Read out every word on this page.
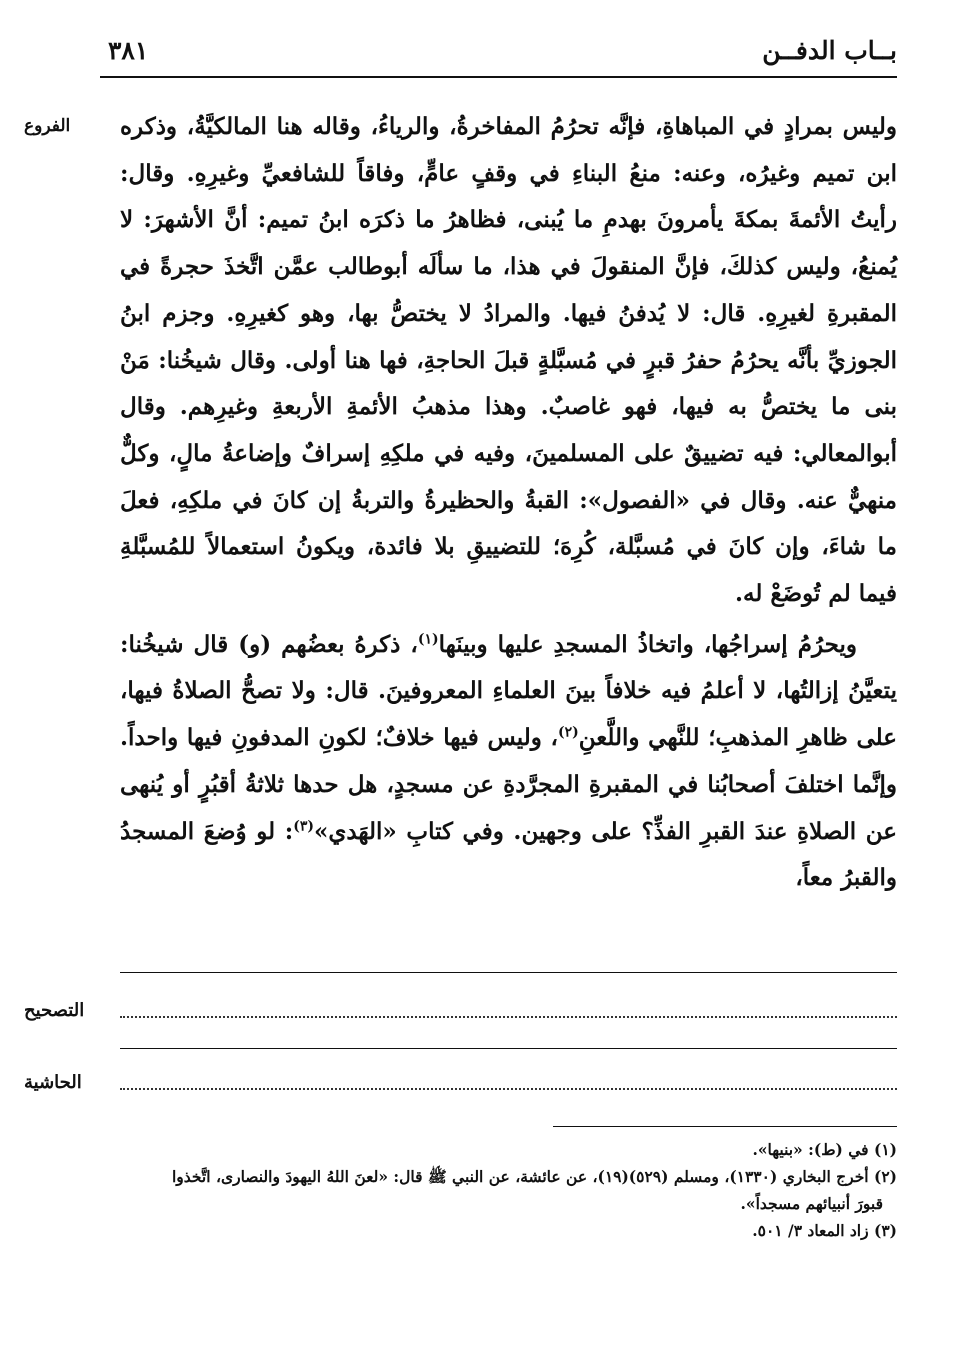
بــاب الدفــن
٣٨١
الفروع	وليس بمرادٍ في المباهاةِ، فإنَّه تحرُمُ المفاخرةُ، والرياءُ، وقاله هنا المالكيَّةُ، وذكره ابن تميم وغيرُه، وعنه: منعُ البناءِ في وقفٍ عامٍّ، وفاقاً للشافعيِّ وغيرِهِ. وقال: رأيتُ الأئمةَ بمكةَ يأمرونَ بهدمِ ما يُبنى، فظاهرُ ما ذكرَه ابنُ تميم: أنَّ الأشهرَ: لا يُمنعُ، وليس كذلكَ، فإنَّ المنقولَ في هذا، ما سألَه أبوطالب عمَّن اتَّخذَ حجرةً في المقبرةِ لغيرِهِ. قال: لا يُدفنُ فيها. والمرادُ لا يختصُّ بها، وهو كغيرِهِ. وجزم ابنُ الجوزيِّ بأنَّه يحرُمُ حفرُ قبرٍ في مُسبَّلةٍ قبلَ الحاجةِ، فها هنا أولى. وقال شيخُنا: مَنْ بنى ما يختصُّ به فيها، فهو غاصبٌ. وهذا مذهبُ الأئمةِ الأربعةِ وغيرِهم. وقال أبوالمعالي: فيه تضييقٌ على المسلمينَ، وفيه في ملكِهِ إسرافٌ وإضاعةُ مالٍ، وكلٌّ منهيٌّ عنه. وقال في «الفصول»: القبةُ والحظيرةُ والتربةُ إن كانَ في ملكِهِ، فعلَ ما شاءَ، وإن كانَ في مُسبَّلة، كُرِهَ؛ للتضييقِ بلا فائدة، ويكونُ استعمالاً للمُسبَّلةِ فيما لم تُوضَعْ له.

ويحرُمُ إسراجُها، واتخاذُ المسجدِ عليها وبينَها$^{(١)}$، ذكرهُ بعضُهم (و) قال شيخُنا: يتعيَّنُ إزالتُها، لا أعلمُ فيه خلافاً بينَ العلماءِ المعروفينَ. قال: ولا تصحُّ الصلاةُ فيها، على ظاهرِ المذهبِ؛ للنَّهي واللَّعنِ$^{(٢)}$، وليس فيها خلافٌ؛ لكونِ المدفونِ فيها واحداً. وإنَّما اختلفَ أصحابُنا في المقبرةِ المجرَّدةِ عن مسجدٍ، هل حدها ثلاثةُ أقبُرٍ أو يُنهى عن الصلاةِ عندَ القبرِ الفذِّ؟ على وجهين. وفي كتابِ «الهَدي»$^{(٣)}$: لو وُضعَ المسجدُ والقبرُ معاً،

التصحيح
الحاشية

(١) في (ط): «بنيها».

(٢) أخرج البخاري (١٣٣٠)، ومسلم (٥٢٩)(١٩)، عن عائشة، عن النبي ﷺ قال: «لعنَ اللهُ اليهودَ والنصارى، اتَّخذوا
قبورَ أنبيائهم مسجداً».

(٣) زاد المعاد ٣/ ٥٠١.
